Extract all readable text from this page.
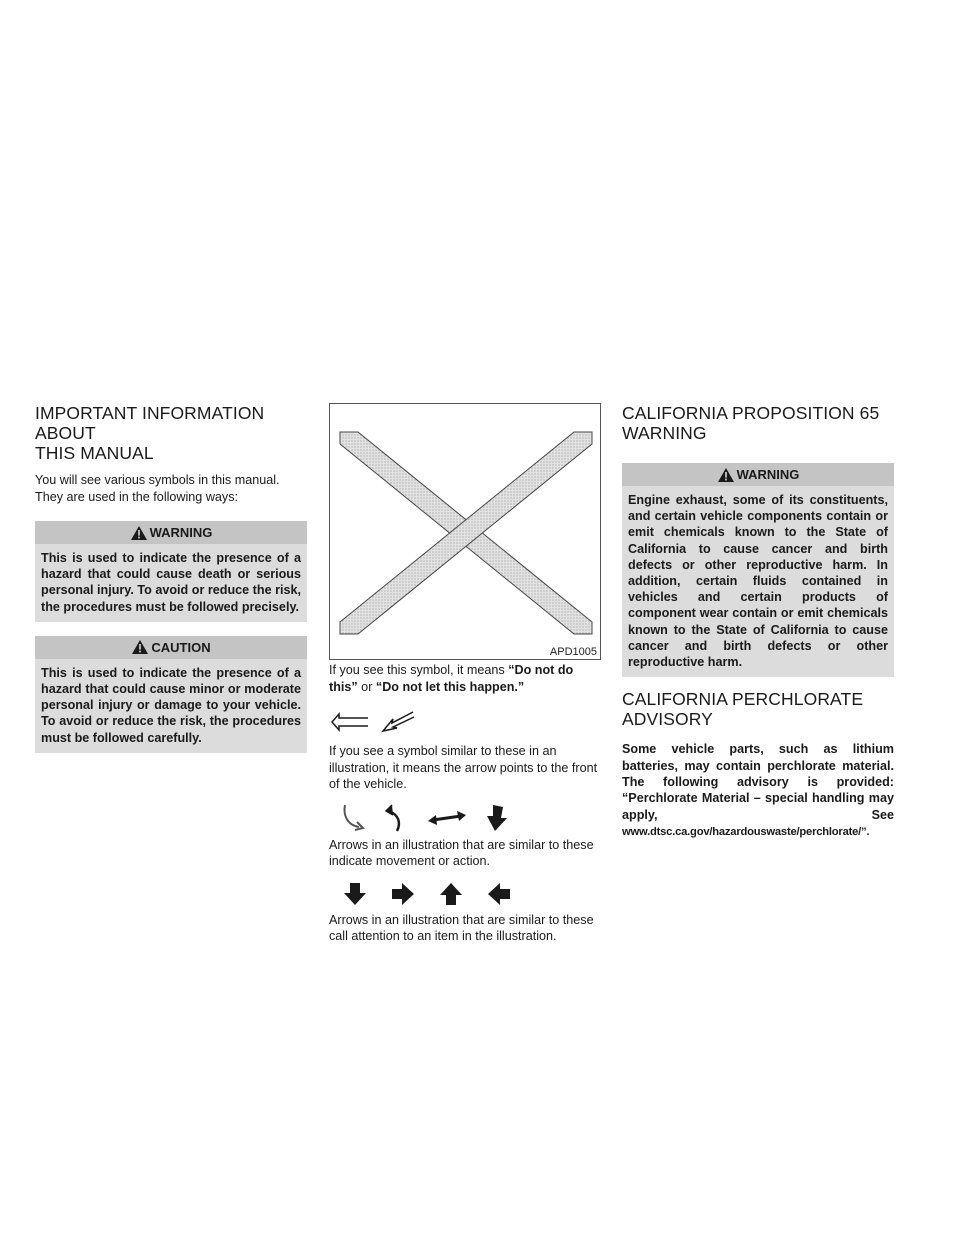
IMPORTANT INFORMATION ABOUT
THIS MANUAL

You will see various symbols in this manual. They are used in the following ways:

WARNING
This is used to indicate the presence of a hazard that could cause death or serious personal injury. To avoid or reduce the risk, the procedures must be followed precisely.
CAUTION
This is used to indicate the presence of a hazard that could cause minor or moderate personal injury or damage to your vehicle. To avoid or reduce the risk, the procedures must be followed carefully.
APD1005

If you see this symbol, it means “Do not do this” or “Do not let this happen.”

If you see a symbol similar to these in an illustration, it means the arrow points to the front of the vehicle.

Arrows in an illustration that are similar to these indicate movement or action.

Arrows in an illustration that are similar to these call attention to an item in the illustration.

CALIFORNIA PROPOSITION 65
WARNING
WARNING
Engine exhaust, some of its constituents, and certain vehicle components contain or emit chemicals known to the State of California to cause cancer and birth defects or other reproductive harm. In addition, certain fluids contained in vehicles and certain products of component wear contain or emit chemicals known to the State of California to cause cancer and birth defects or other reproductive harm.
CALIFORNIA PERCHLORATE
ADVISORY

Some vehicle parts, such as lithium batteries, may contain perchlorate material. The following advisory is provided: “Perchlorate Material – special handling may apply, See www.dtsc.ca.gov/hazardouswaste/perchlorate/”.
